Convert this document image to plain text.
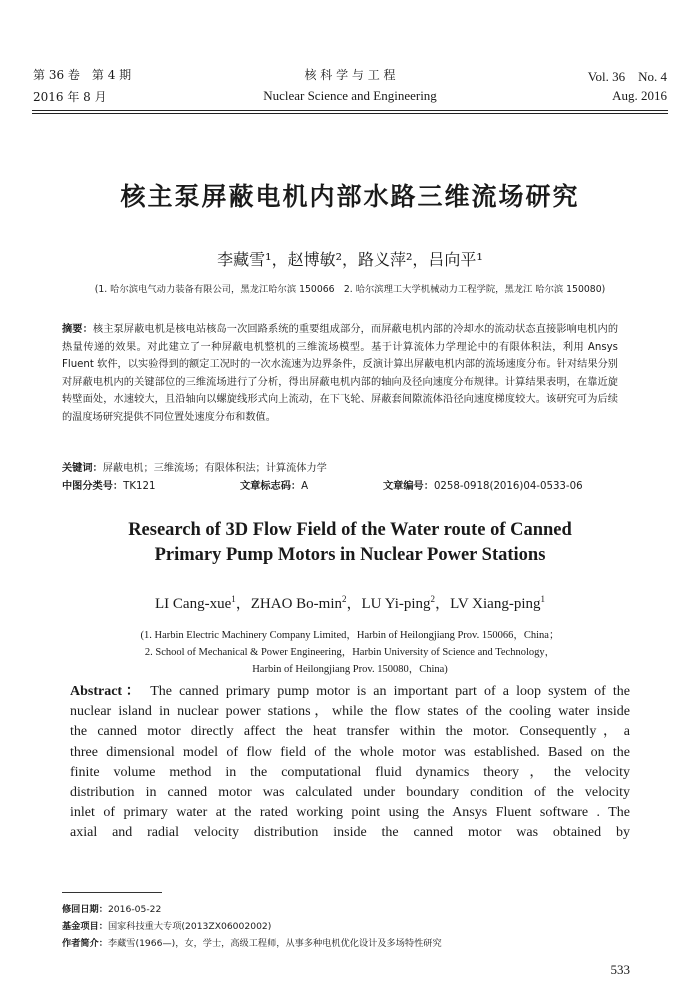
第 36 卷　第 4 期
2016 年 8 月
核 科 学 与 工 程
Nuclear Science and Engineering
Vol. 36　No. 4
Aug. 2016
核主泵屏蔽电机内部水路三维流场研究
李藏雪¹，赵博敏²，路义萍²，吕向平¹
(1. 哈尔滨电气动力装备有限公司，黑龙江哈尔滨 150066　2. 哈尔滨理工大学机械动力工程学院，黑龙江 哈尔滨 150080)
摘要：核主泵屏蔽电机是核电站核岛一次回路系统的重要组成部分，而屏蔽电机内部的冷却水的流动状态直接影响电机内的热量传递的效果。对此建立了一种屏蔽电机整机的三维流场模型。基于计算流体力学理论中的有限体积法，利用 Ansys Fluent 软件，以实验得到的额定工况时的一次水流速为边界条件，反演计算出屏蔽电机内部的流场速度分布。针对结果分别对屏蔽电机内的关键部位的三维流场进行了分析，得出屏蔽电机内部的轴向及径向速度分布规律。计算结果表明，在靠近旋转壁面处，水速较大，且沿轴向以螺旋线形式向上流动，在下飞轮、屏蔽套间隙流体沿径向速度梯度较大。该研究可为后续的温度场研究提供不同位置处速度分布和数值。
关键词：屏蔽电机；三维流场；有限体积法；计算流体力学
中图分类号：TK121	文章标志码：A	文章编号：0258-0918(2016)04-0533-06
Research of 3D Flow Field of the Water route of Canned
Primary Pump Motors in Nuclear Power Stations
LI Cang-xue$^1$，ZHAO $Bo-\min^2$，LU Yi-ping$^2$，LV Xiang-ping$^1$
(1. Harbin Electric Machinery Company Limited，Harbin of Heilongjiang Prov. 150066，China；
2. School of Mechanical & Power Engineering，Harbin University of Science and Technology，
Harbin of Heilongjiang Prov. 150080，China)
Abstract： The canned primary pump motor is an important part of a loop system of the
nuclear island in nuclear power stations，while the flow states of the cooling water inside
the canned motor directly affect the heat transfer within the motor. Consequently，a
three dimensional model of flow field of the whole motor was established. Based on the
finite volume method in the computational fluid dynamics theory，the velocity
distribution in canned motor was calculated under boundary condition of the velocity
inlet of primary water at the rated working point using the Ansys Fluent software . The
axial and radial velocity distribution inside the canned motor was obtained by
修回日期：2016-05-22
基金项目：国家科技重大专项(2013ZX06002002)
作者简介：李藏雪(1966—)，女，学士，高级工程师，从事多种电机优化设计及多场特性研究
533
